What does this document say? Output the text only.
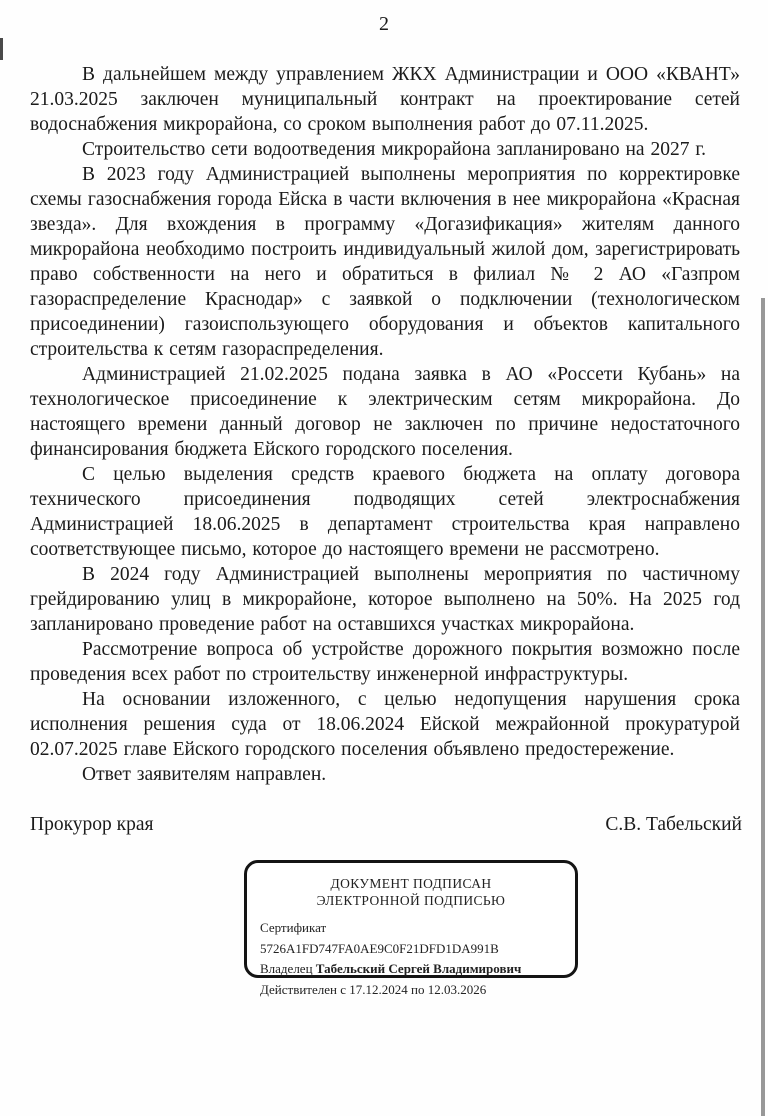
2

В дальнейшем между управлением ЖКХ Администрации и ООО «КВАНТ» 21.03.2025 заключен муниципальный контракт на проектирование сетей водоснабжения микрорайона, со сроком выполнения работ до 07.11.2025.

Строительство сети водоотведения микрорайона запланировано на 2027 г.

В 2023 году Администрацией выполнены мероприятия по корректировке схемы газоснабжения города Ейска в части включения в нее микрорайона «Красная звезда». Для вхождения в программу «Догазификация» жителям данного микрорайона необходимо построить индивидуальный жилой дом, зарегистрировать право собственности на него и обратиться в филиал № 2 АО «Газпром газораспределение Краснодар» с заявкой о подключении (технологическом присоединении) газоиспользующего оборудования и объектов капитального строительства к сетям газораспределения.

Администрацией 21.02.2025 подана заявка в АО «Россети Кубань» на технологическое присоединение к электрическим сетям микрорайона. До настоящего времени данный договор не заключен по причине недостаточного финансирования бюджета Ейского городского поселения.

С целью выделения средств краевого бюджета на оплату договора технического присоединения подводящих сетей электроснабжения Администрацией 18.06.2025 в департамент строительства края направлено соответствующее письмо, которое до настоящего времени не рассмотрено.

В 2024 году Администрацией выполнены мероприятия по частичному грейдированию улиц в микрорайоне, которое выполнено на 50%. На 2025 год запланировано проведение работ на оставшихся участках микрорайона.

Рассмотрение вопроса об устройстве дорожного покрытия возможно после проведения всех работ по строительству инженерной инфраструктуры.

На основании изложенного, с целью недопущения нарушения срока исполнения решения суда от 18.06.2024 Ейской межрайонной прокуратурой 02.07.2025 главе Ейского городского поселения объявлено предостережение.

Ответ заявителям направлен.

Прокурор края	С.В. Табельский
ДОКУМЕНТ ПОДПИСАН
ЭЛЕКТРОННОЙ ПОДПИСЬЮ
Сертификат 5726A1FD747FA0AE9C0F21DFD1DA991B
Владелец Табельский Сергей Владимирович
Действителен с 17.12.2024 по 12.03.2026
